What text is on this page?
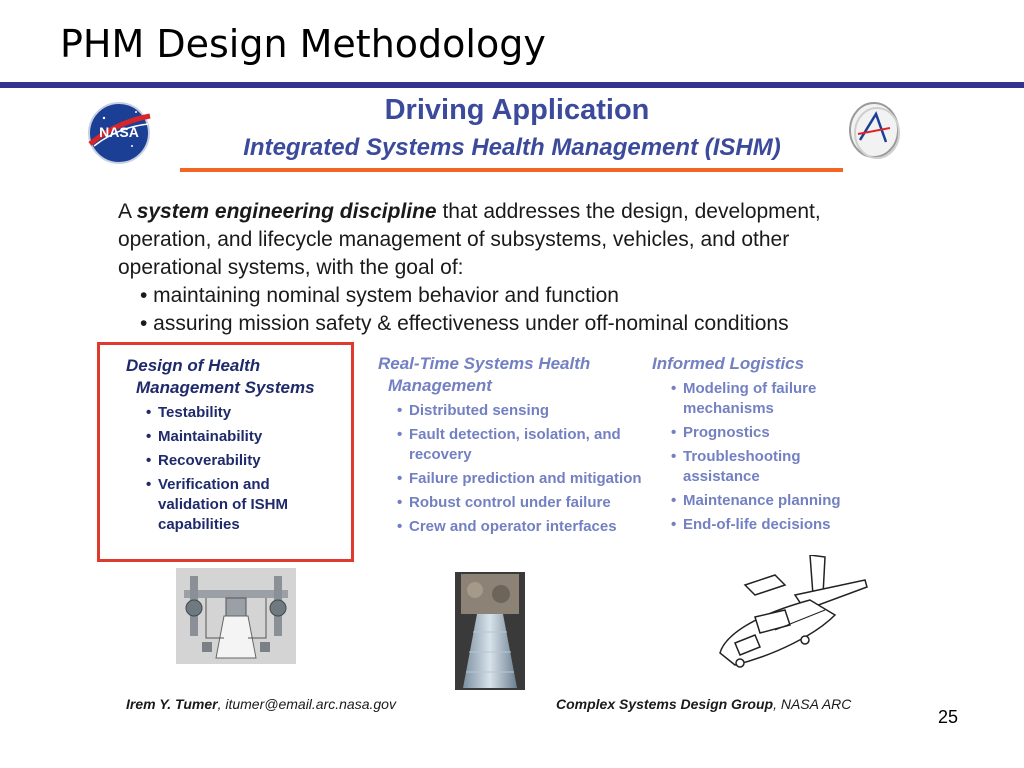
PHM Design Methodology
NASA
Driving Application
Integrated Systems Health Management (ISHM)
A system engineering discipline that addresses the design, development, operation, and lifecycle management of subsystems, vehicles, and other operational systems, with the goal of:
• maintaining nominal system behavior and function
• assuring mission safety & effectiveness under off-nominal conditions
Design of Health
Management Systems
• Testability
• Maintainability
• Recoverability
• Verification and validation of ISHM capabilities
Real-Time Systems Health
Management
• Distributed sensing
• Fault detection, isolation, and recovery
• Failure prediction and mitigation
• Robust control under failure
• Crew and operator interfaces
Informed Logistics
• Modeling of failure mechanisms
• Prognostics
• Troubleshooting assistance
• Maintenance planning
• End-of-life decisions
Irem Y. Tumer, itumer@email.arc.nasa.gov	Complex Systems Design Group, NASA ARC
25
